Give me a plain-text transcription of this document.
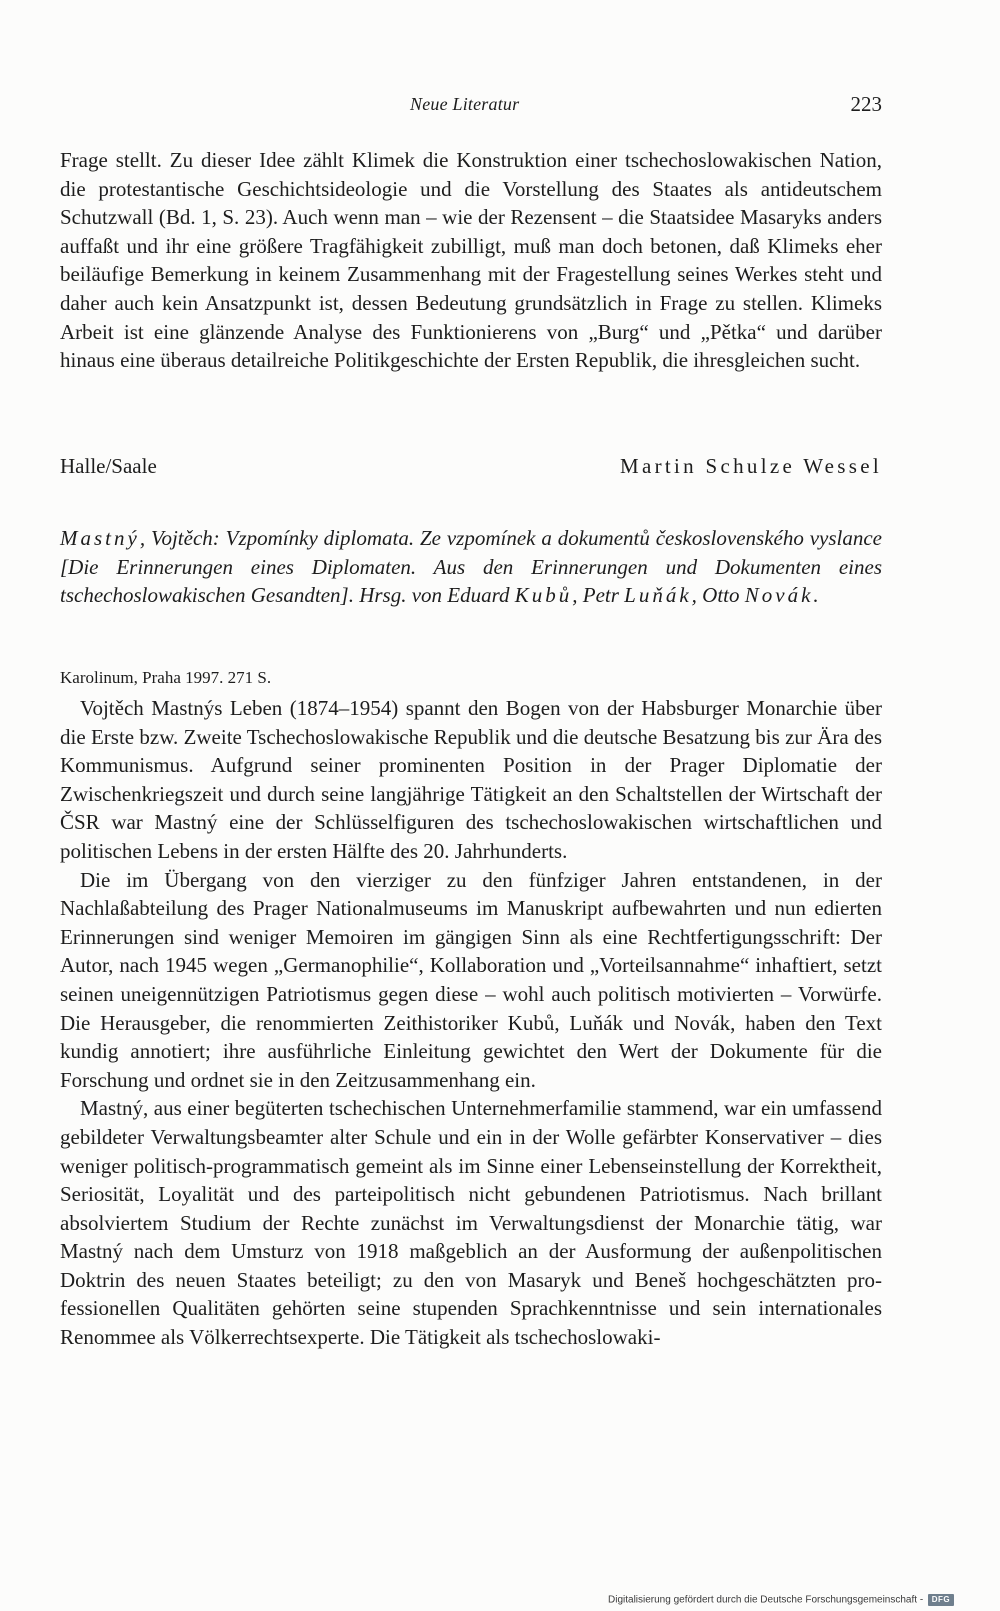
Neue Literatur	223

Frage stellt. Zu dieser Idee zählt Klimek die Konstruktion einer tschechoslowakischen Nation, die protestantische Geschichtsideologie und die Vorstellung des Staates als antideutschem Schutzwall (Bd. 1, S. 23). Auch wenn man – wie der Rezensent – die Staatsidee Masaryks anders auffaßt und ihr eine größere Tragfähigkeit zubilligt, muß man doch betonen, daß Klimeks eher beiläufige Bemerkung in keinem Zusammenhang mit der Fragestellung seines Werkes steht und daher auch kein Ansatzpunkt ist, dessen Bedeutung grundsätzlich in Frage zu stellen. Klimeks Arbeit ist eine glänzende Analyse des Funktionierens von „Burg“ und „Pětka“ und darüber hinaus eine überaus detailreiche Politikgeschichte der Ersten Republik, die ihresgleichen sucht.

Halle/Saale	Martin Schulze Wessel

Mastný, Vojtěch: Vzpomínky diplomata. Ze vzpomínek a dokumentů československého vyslance [Die Erinnerungen eines Diplomaten. Aus den Erinnerungen und Dokumenten eines tschechoslowakischen Gesandten]. Hrsg. von Eduard Kubů, Petr Luňák, Otto Novák.

Karolinum, Praha 1997. 271 S.

Vojtěch Mastnýs Leben (1874–1954) spannt den Bogen von der Habsburger Monarchie über die Erste bzw. Zweite Tschechoslowakische Republik und die deutsche Besatzung bis zur Ära des Kommunismus. Aufgrund seiner prominenten Position in der Prager Diplomatie der Zwischenkriegszeit und durch seine langjährige Tätigkeit an den Schaltstellen der Wirtschaft der ČSR war Mastný eine der Schlüsselfiguren des tschechoslowakischen wirtschaftlichen und politischen Lebens in der ersten Hälfte des 20. Jahrhunderts.

Die im Übergang von den vierziger zu den fünfziger Jahren entstandenen, in der Nachlaßabteilung des Prager Nationalmuseums im Manuskript aufbewahrten und nun edierten Erinnerungen sind weniger Memoiren im gängigen Sinn als eine Rechtfertigungsschrift: Der Autor, nach 1945 wegen „Germanophilie“, Kollaboration und „Vorteilsannahme“ inhaftiert, setzt seinen uneigennützigen Patriotismus gegen diese – wohl auch politisch motivierten – Vorwürfe. Die Herausgeber, die renommierten Zeithistoriker Kubů, Luňák und Novák, haben den Text kundig annotiert; ihre ausführliche Einleitung gewichtet den Wert der Dokumente für die Forschung und ordnet sie in den Zeitzusammenhang ein.

Mastný, aus einer begüterten tschechischen Unternehmerfamilie stammend, war ein umfassend gebildeter Verwaltungsbeamter alter Schule und ein in der Wolle gefärbter Konservativer – dies weniger politisch-programmatisch gemeint als im Sinne einer Lebenseinstellung der Korrektheit, Seriosität, Loyalität und des parteipolitisch nicht gebundenen Patriotismus. Nach brillant absolviertem Studium der Rechte zunächst im Verwaltungsdienst der Monarchie tätig, war Mastný nach dem Umsturz von 1918 maßgeblich an der Ausformung der außenpolitischen Doktrin des neuen Staates beteiligt; zu den von Masaryk und Beneš hochgeschätzten professionellen Qualitäten gehörten seine stupenden Sprachkenntnisse und sein internationales Renommee als Völkerrechtsexperte. Die Tätigkeit als tschechoslowaki-

Digitalisierung gefördert durch die Deutsche Forschungsgemeinschaft - DFG
